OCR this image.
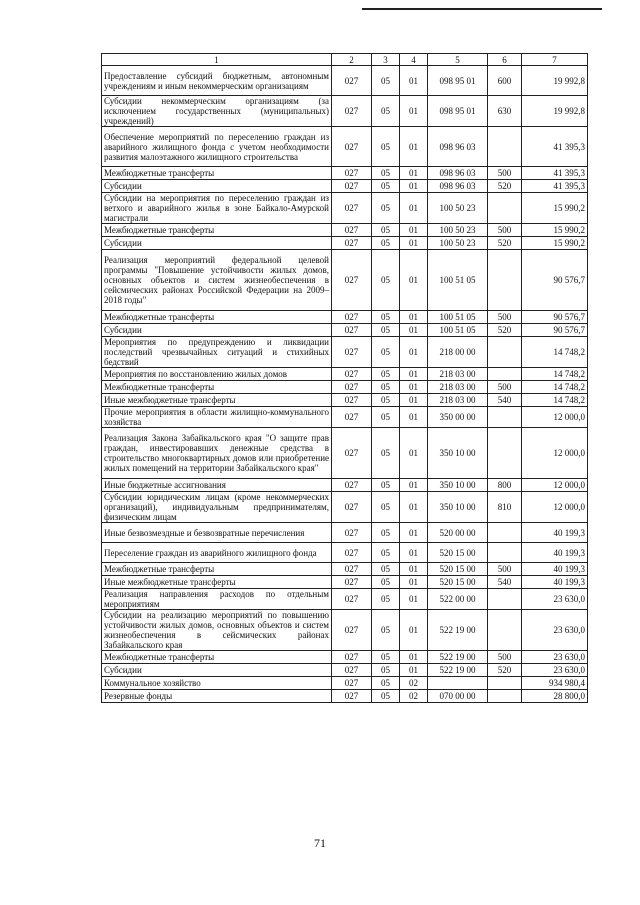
1	2	3	4	5	6	7
Предоставление субсидий бюджетным, автономным учреждениям и иным некоммерческим организациям	027	05	01	098 95 01	600	19 992,8
Субсидии некоммерческим организациям (за исключением государственных (муниципальных) учреждений)	027	05	01	098 95 01	630	19 992,8
Обеспечение мероприятий по переселению граждан из аварийного жилищного фонда с учетом необходимости развития малоэтажного жилищного строительства	027	05	01	098 96 03		41 395,3
Межбюджетные трансферты	027	05	01	098 96 03	500	41 395,3
Субсидии	027	05	01	098 96 03	520	41 395,3
Субсидии на мероприятия по переселению граждан из ветхого и аварийного жилья в зоне Байкало-Амурской магистрали	027	05	01	100 50 23		15 990,2
Межбюджетные трансферты	027	05	01	100 50 23	500	15 990,2
Субсидии	027	05	01	100 50 23	520	15 990,2
Реализация мероприятий федеральной целевой программы "Повышение устойчивости жилых домов, основных объектов и систем жизнеобеспечения в сейсмических районах Российской Федерации на 2009–2018 годы"	027	05	01	100 51 05		90 576,7
Межбюджетные трансферты	027	05	01	100 51 05	500	90 576,7
Субсидии	027	05	01	100 51 05	520	90 576,7
Мероприятия по предупреждению и ликвидации последствий чрезвычайных ситуаций и стихийных бедствий	027	05	01	218 00 00		14 748,2
Мероприятия по восстановлению жилых домов	027	05	01	218 03 00		14 748,2
Межбюджетные трансферты	027	05	01	218 03 00	500	14 748,2
Иные межбюджетные трансферты	027	05	01	218 03 00	540	14 748,2
Прочие мероприятия в области жилищно-коммунального хозяйства	027	05	01	350 00 00		12 000,0
Реализация Закона Забайкальского края "О защите прав граждан, инвестировавших денежные средства в строительство многоквартирных домов или приобретение жилых помещений на территории Забайкальского края"	027	05	01	350 10 00		12 000,0
Иные бюджетные ассигнования	027	05	01	350 10 00	800	12 000,0
Субсидии юридическим лицам (кроме некоммерческих организаций), индивидуальным предпринимателям, физическим лицам	027	05	01	350 10 00	810	12 000,0
Иные безвозмездные и безвозвратные перечисления	027	05	01	520 00 00		40 199,3
Переселение граждан из аварийного жилищного фонда	027	05	01	520 15 00		40 199,3
Межбюджетные трансферты	027	05	01	520 15 00	500	40 199,3
Иные межбюджетные трансферты	027	05	01	520 15 00	540	40 199,3
Реализация направления расходов по отдельным мероприятиям	027	05	01	522 00 00		23 630,0
Субсидии на реализацию мероприятий по повышению устойчивости жилых домов, основных объектов и систем жизнеобеспечения в сейсмических районах Забайкальского края	027	05	01	522 19 00		23 630,0
Межбюджетные трансферты	027	05	01	522 19 00	500	23 630,0
Субсидии	027	05	01	522 19 00	520	23 630,0
Коммунальное хозяйство	027	05	02			934 980,4
Резервные фонды	027	05	02	070 00 00		28 800,0
71
